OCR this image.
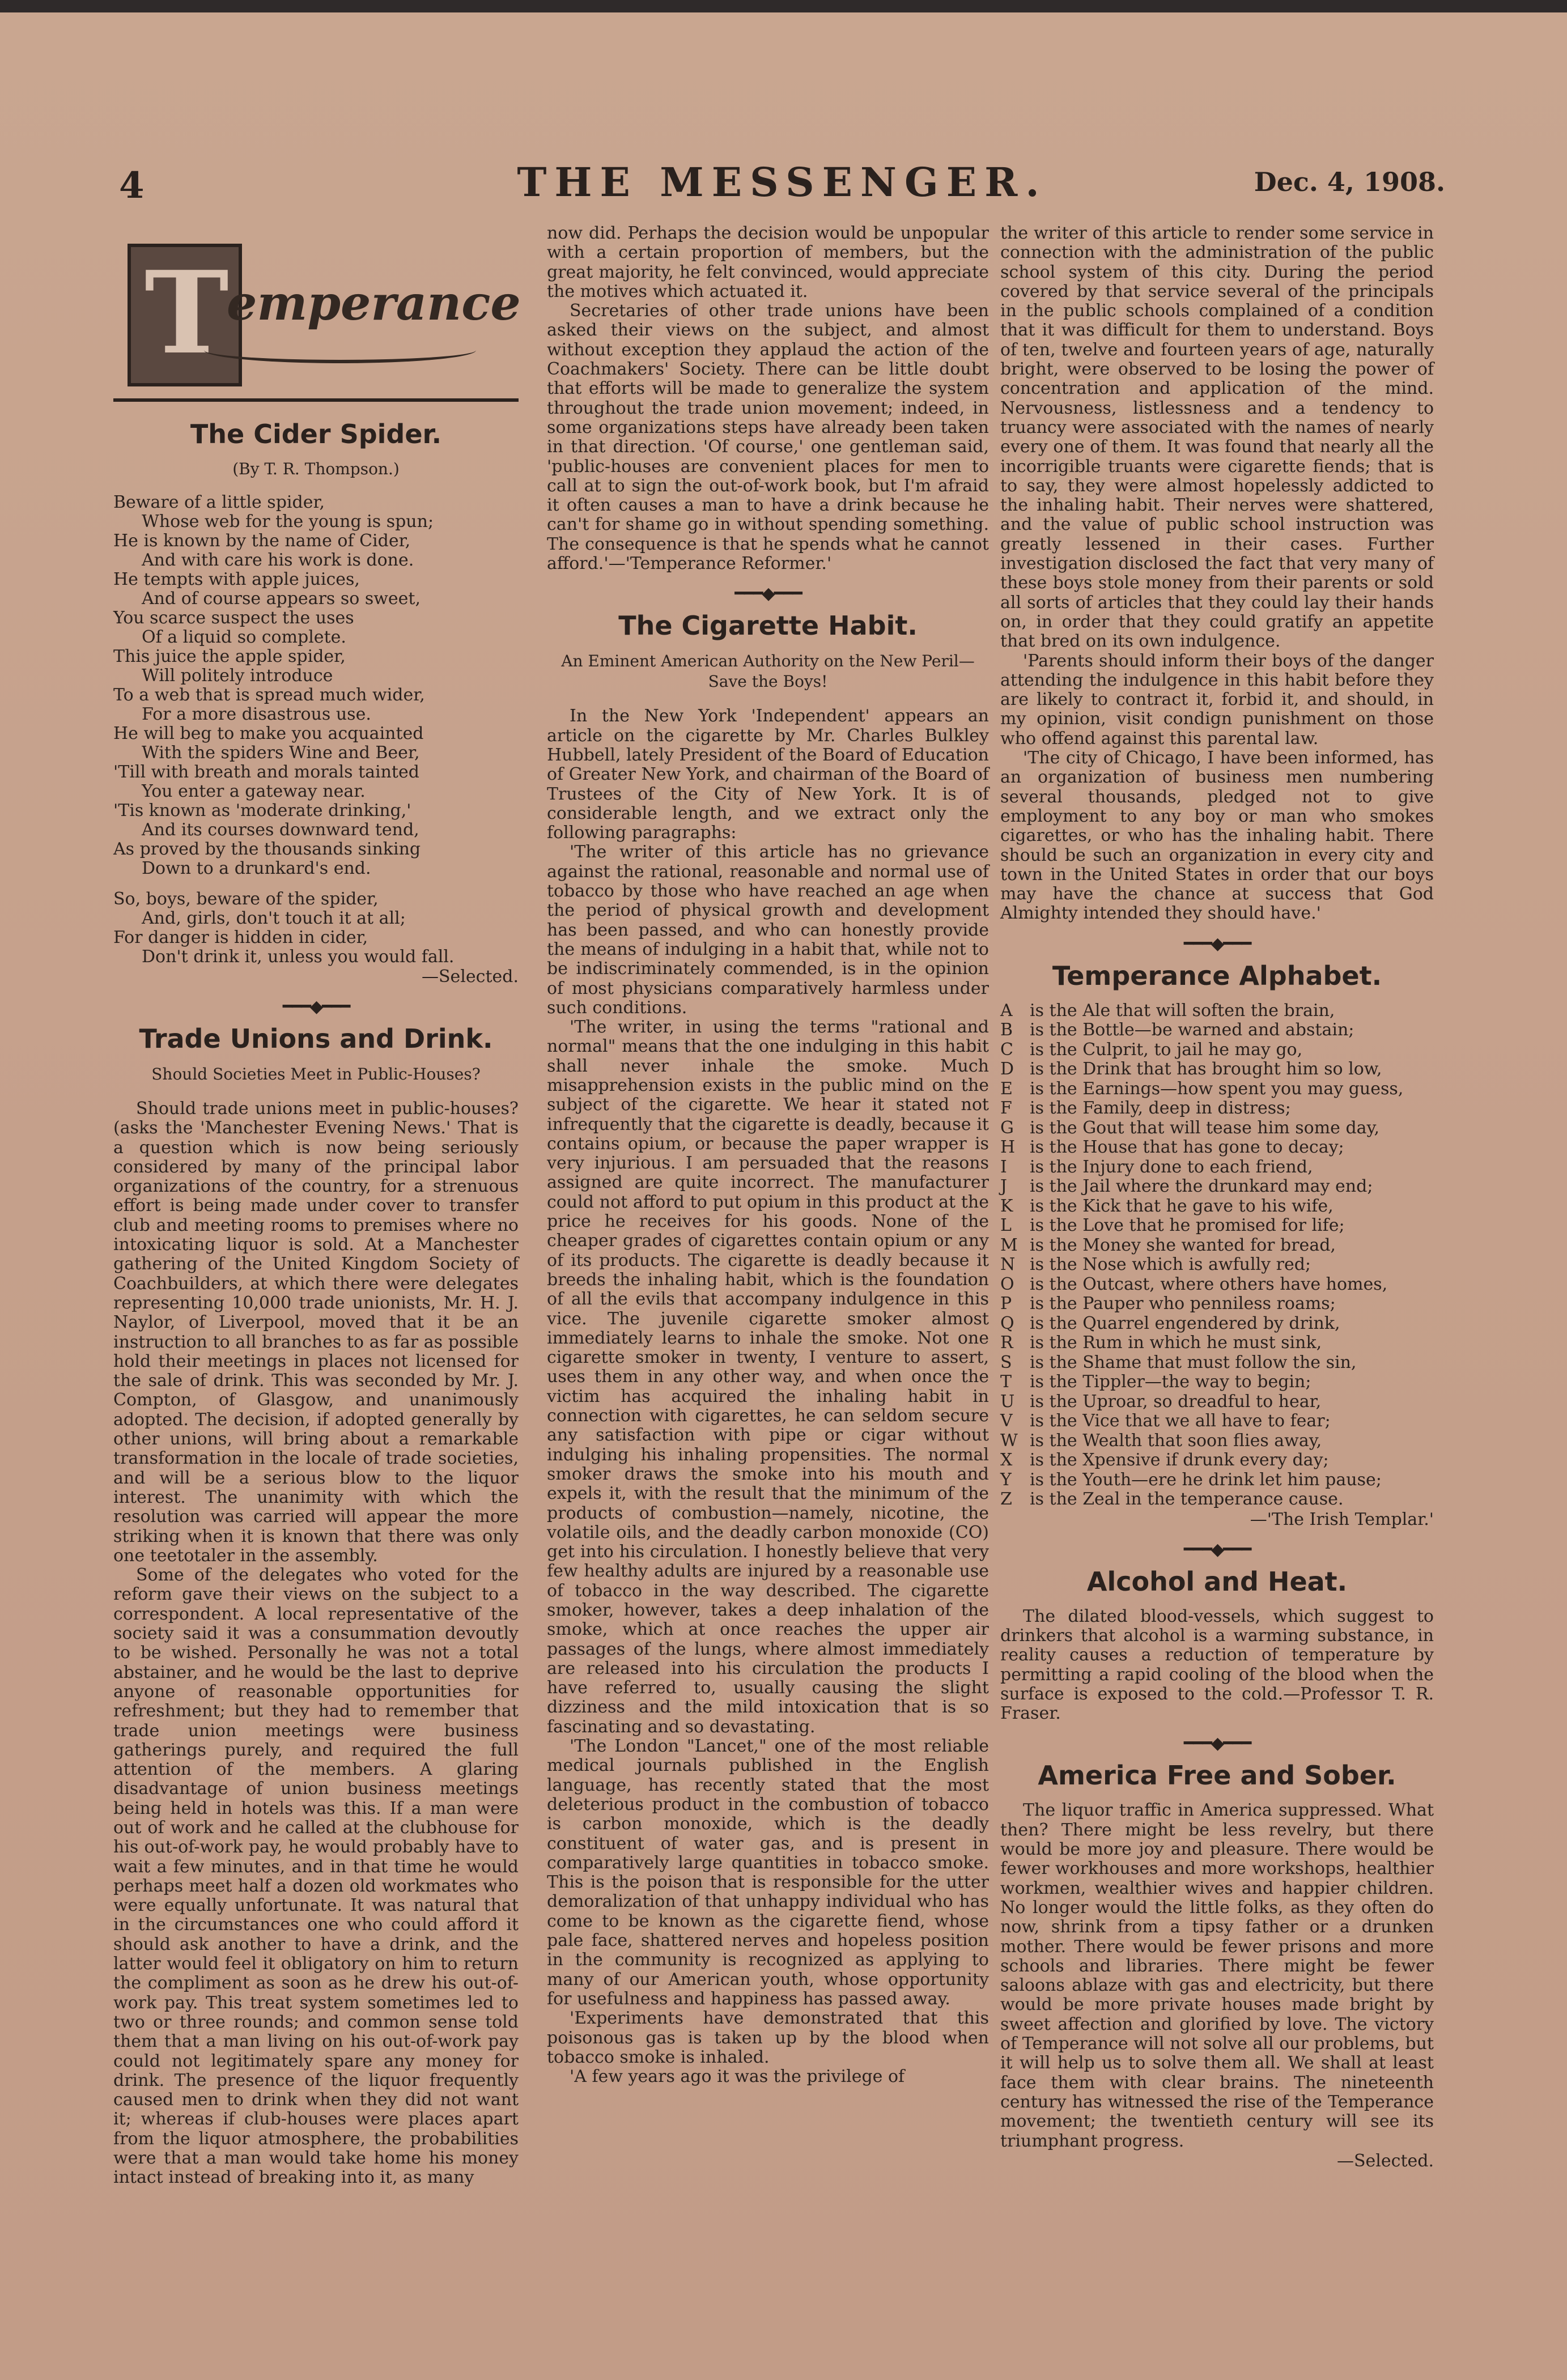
4	THE MESSENGER.	Dec. 4, 1908.
T
emperance
The Cider Spider.
(By T. R. Thompson.)
Beware of a little spider,
Whose web for the young is spun;
He is known by the name of Cider,
And with care his work is done.
He tempts with apple juices,
And of course appears so sweet,
You scarce suspect the uses
Of a liquid so complete.
This juice the apple spider,
Will politely introduce
To a web that is spread much wider,
For a more disastrous use.
He will beg to make you acquainted
With the spiders Wine and Beer,
'Till with breath and morals tainted
You enter a gateway near.
'Tis known as 'moderate drinking,'
And its courses downward tend,
As proved by the thousands sinking
Down to a drunkard's end.
So, boys, beware of the spider,
And, girls, don't touch it at all;
For danger is hidden in cider,
Don't drink it, unless you would fall.
—Selected.
━━━◆━━━
Trade Unions and Drink.
Should Societies Meet in Public-Houses?

Should trade unions meet in public-houses? (asks the 'Manchester Evening News.' That is a question which is now being seriously considered by many of the principal labor organizations of the country, for a strenuous effort is being made under cover to transfer club and meeting rooms to premises where no intoxicating liquor is sold. At a Manchester gathering of the United Kingdom Society of Coachbuilders, at which there were delegates representing 10,000 trade unionists, Mr. H. J. Naylor, of Liverpool, moved that it be an instruction to all branches to as far as possible hold their meetings in places not licensed for the sale of drink. This was seconded by Mr. J. Compton, of Glasgow, and unanimously adopted. The decision, if adopted generally by other unions, will bring about a remarkable transformation in the locale of trade societies, and will be a serious blow to the liquor interest. The unanimity with which the resolution was carried will appear the more striking when it is known that there was only one teetotaler in the assembly.

Some of the delegates who voted for the reform gave their views on the subject to a correspondent. A local representative of the society said it was a consummation devoutly to be wished. Personally he was not a total abstainer, and he would be the last to deprive anyone of reasonable opportunities for refreshment; but they had to remember that trade union meetings were business gatherings purely, and required the full attention of the members. A glaring disadvantage of union business meetings being held in hotels was this. If a man were out of work and he called at the clubhouse for his out-of-work pay, he would probably have to wait a few minutes, and in that time he would perhaps meet half a dozen old workmates who were equally unfortunate. It was natural that in the circumstances one who could afford it should ask another to have a drink, and the latter would feel it obligatory on him to return the compliment as soon as he drew his out-of-work pay. This treat system sometimes led to two or three rounds; and common sense told them that a man living on his out-of-work pay could not legitimately spare any money for drink. The presence of the liquor frequently caused men to drink when they did not want it; whereas if club-houses were places apart from the liquor atmosphere, the probabilities were that a man would take home his money intact instead of breaking into it, as many

now did. Perhaps the decision would be unpopular with a certain proportion of members, but the great majority, he felt convinced, would appreciate the motives which actuated it.

Secretaries of other trade unions have been asked their views on the subject, and almost without exception they applaud the action of the Coachmakers' Society. There can be little doubt that efforts will be made to generalize the system throughout the trade union movement; indeed, in some organizations steps have already been taken in that direction. 'Of course,' one gentleman said, 'public-houses are convenient places for men to call at to sign the out-of-work book, but I'm afraid it often causes a man to have a drink because he can't for shame go in without spending something. The consequence is that he spends what he cannot afford.'—'Temperance Reformer.'

━━━◆━━━
The Cigarette Habit.
An Eminent American Authority on the New Peril—Save the Boys!

In the New York 'Independent' appears an article on the cigarette by Mr. Charles Bulkley Hubbell, lately President of the Board of Education of Greater New York, and chairman of the Board of Trustees of the City of New York. It is of considerable length, and we extract only the following paragraphs:

'The writer of this article has no grievance against the rational, reasonable and normal use of tobacco by those who have reached an age when the period of physical growth and development has been passed, and who can honestly provide the means of indulging in a habit that, while not to be indiscriminately commended, is in the opinion of most physicians comparatively harmless under such conditions.

'The writer, in using the terms "rational and normal" means that the one indulging in this habit shall never inhale the smoke. Much misapprehension exists in the public mind on the subject of the cigarette. We hear it stated not infrequently that the cigarette is deadly, because it contains opium, or because the paper wrapper is very injurious. I am persuaded that the reasons assigned are quite incorrect. The manufacturer could not afford to put opium in this product at the price he receives for his goods. None of the cheaper grades of cigarettes contain opium or any of its products. The cigarette is deadly because it breeds the inhaling habit, which is the foundation of all the evils that accompany indulgence in this vice. The juvenile cigarette smoker almost immediately learns to inhale the smoke. Not one cigarette smoker in twenty, I venture to assert, uses them in any other way, and when once the victim has acquired the inhaling habit in connection with cigarettes, he can seldom secure any satisfaction with pipe or cigar without indulging his inhaling propensities. The normal smoker draws the smoke into his mouth and expels it, with the result that the minimum of the products of combustion—namely, nicotine, the volatile oils, and the deadly carbon monoxide (CO) get into his circulation. I honestly believe that very few healthy adults are injured by a reasonable use of tobacco in the way described. The cigarette smoker, however, takes a deep inhalation of the smoke, which at once reaches the upper air passages of the lungs, where almost immediately are released into his circulation the products I have referred to, usually causing the slight dizziness and the mild intoxication that is so fascinating and so devastating.

'The London "Lancet," one of the most reliable medical journals published in the English language, has recently stated that the most deleterious product in the combustion of tobacco is carbon monoxide, which is the deadly constituent of water gas, and is present in comparatively large quantities in tobacco smoke. This is the poison that is responsible for the utter demoralization of that unhappy individual who has come to be known as the cigarette fiend, whose pale face, shattered nerves and hopeless position in the community is recognized as applying to many of our American youth, whose opportunity for usefulness and happiness has passed away.

'Experiments have demonstrated that this poisonous gas is taken up by the blood when tobacco smoke is inhaled.

'A few years ago it was the privilege of

the writer of this article to render some service in connection with the administration of the public school system of this city. During the period covered by that service several of the principals in the public schools complained of a condition that it was difficult for them to understand. Boys of ten, twelve and fourteen years of age, naturally bright, were observed to be losing the power of concentration and application of the mind. Nervousness, listlessness and a tendency to truancy were associated with the names of nearly every one of them. It was found that nearly all the incorrigible truants were cigarette fiends; that is to say, they were almost hopelessly addicted to the inhaling habit. Their nerves were shattered, and the value of public school instruction was greatly lessened in their cases. Further investigation disclosed the fact that very many of these boys stole money from their parents or sold all sorts of articles that they could lay their hands on, in order that they could gratify an appetite that bred on its own indulgence.

'Parents should inform their boys of the danger attending the indulgence in this habit before they are likely to contract it, forbid it, and should, in my opinion, visit condign punishment on those who offend against this parental law.

'The city of Chicago, I have been informed, has an organization of business men numbering several thousands, pledged not to give employment to any boy or man who smokes cigarettes, or who has the inhaling habit. There should be such an organization in every city and town in the United States in order that our boys may have the chance at success that God Almighty intended they should have.'

━━━◆━━━
Temperance Alphabet.
A	is the Ale that will soften the brain,
B is the Bottle—be warned and abstain;
C is the Culprit, to jail he may go,
D is the Drink that has brought him so low,
E	is the Earnings—how spent you may guess,
F	is the Family, deep in distress;
G is the Gout that will tease him some day,
H is the House that has gone to decay;
I	is the Injury done to each friend,
J	is the Jail where the drunkard may end;
K is the Kick that he gave to his wife,
L	is the Love that he promised for life;
M is the Money she wanted for bread,
N is the Nose which is awfully red;
O is the Outcast, where others have homes,
P	is the Pauper who penniless roams;
Q is the Quarrel engendered by drink,
R is the Rum in which he must sink,
S	is the Shame that must follow the sin,
T	is the Tippler—the way to begin;
U is the Uproar, so dreadful to hear,
V	is the Vice that we all have to fear;
W is the Wealth that soon flies away,
X	is the Xpensive if drunk every day;
Y	is the Youth—ere he drink let him pause;
Z	is the Zeal in the temperance cause.
—'The Irish Templar.'
━━━◆━━━
Alcohol and Heat.

The dilated blood-vessels, which suggest to drinkers that alcohol is a warming substance, in reality causes a reduction of temperature by permitting a rapid cooling of the blood when the surface is exposed to the cold.—Professor T. R. Fraser.

━━━◆━━━
America Free and Sober.

The liquor traffic in America suppressed. What then? There might be less revelry, but there would be more joy and pleasure. There would be fewer workhouses and more workshops, healthier workmen, wealthier wives and happier children. No longer would the little folks, as they often do now, shrink from a tipsy father or a drunken mother. There would be fewer prisons and more schools and libraries. There might be fewer saloons ablaze with gas and electricity, but there would be more private houses made bright by sweet affection and glorified by love. The victory of Temperance will not solve all our problems, but it will help us to solve them all. We shall at least face them with clear brains. The nineteenth century has witnessed the rise of the Temperance movement; the twentieth century will see its triumphant progress.

—Selected.
